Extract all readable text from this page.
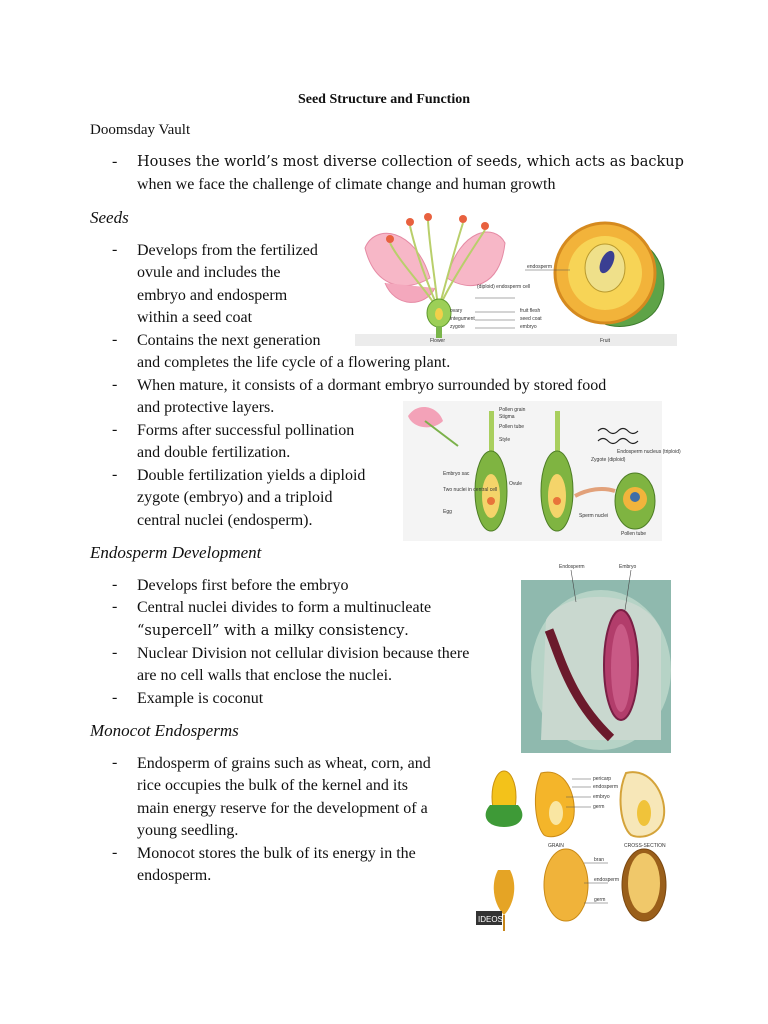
Seed Structure and Function
Doomsday Vault
- Houses the world’s most diverse collection of seeds, which acts as backup
when we face the challenge of climate change and human growth
Seeds
- Develops from the fertilized
ovule and includes the
embryo and endosperm
within a seed coat
- Contains the next generation
and completes the life cycle of a flowering plant.
- When mature, it consists of a dormant embryo surrounded by stored food
and protective layers.
- Forms after successful pollination
and double fertilization.
- Double fertilization yields a diploid
zygote (embryo) and a triploid
central nuclei (endosperm).
Endosperm Development
- Develops first before the embryo
- Central nuclei divides to form a multinucleate
“supercell” with a milky consistency.
- Nuclear Division not cellular division because there
are no cell walls that enclose the nuclei.
- Example is coconut
Monocot Endosperms
- Endosperm of grains such as wheat, corn, and
rice occupies the bulk of the kernel and its
main energy reserve for the development of a
young seedling.
- Monocot stores the bulk of its energy in the
endosperm.
endosperm
(diploid) endosperm cell
ovary
integument
zygote
fruit flesh
seed coat
embryo
Flower	Fruit
Pollen grain
Stigma
Pollen tube
Style
Embryo sac
Two nuclei in central cell
Egg
Ovule
Sperm nuclei
Endosperm nucleus (triploid)
Zygote (diploid)
Pollen tube
Endosperm	Embryo
pericarp
endosperm
embryo
germ
GRAIN	CROSS-SECTION
bran
endosperm
germ
IDEOS
